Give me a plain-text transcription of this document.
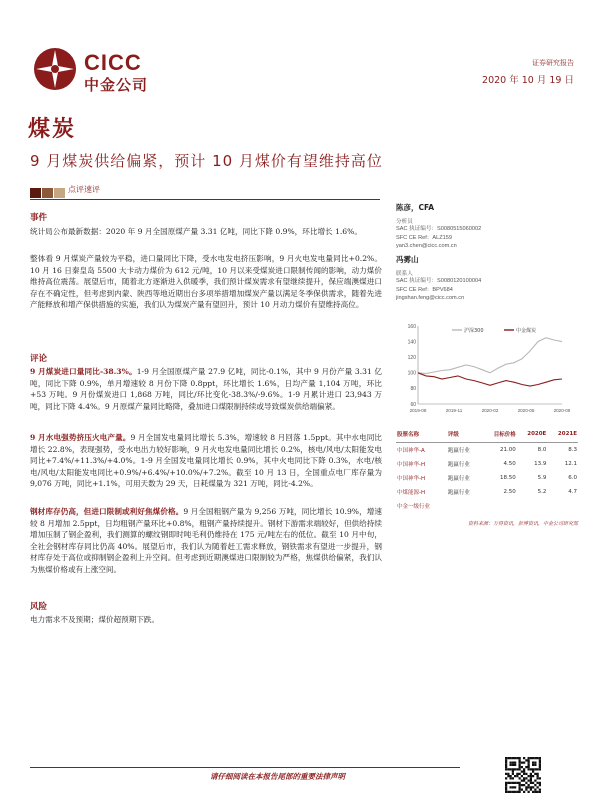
CICC
中金公司
证券研究报告
2020 年 10 月 19 日
煤炭
9 月煤炭供给偏紧，预计 10 月煤价有望维持高位
点评速评
事件
统计局公布最新数据：2020 年 9 月全国原煤产量 3.31 亿吨，同比下降 0.9%，环比增长 1.6%。
整体看 9 月煤炭产量较为平稳，进口量同比下降，受水电发电挤压影响，9 月火电发电量同比+0.2%。10 月 16 日秦皇岛 5500 大卡动力煤价为 612 元/吨，10 月以来受煤炭进口限制传闻的影响，动力煤价维持高位震荡。展望后市，随着北方逐渐进入供暖季，我们预计煤炭需求有望继续提升，保应端澳煤进口存在不确定性，但考虑到内蒙、陕西等地近期出台多项举措增加煤炭产量以满足冬季保供需求，随着先进产能释放和增产保供措施的实施，我们认为煤炭产量有望回升，预计 10 月动力煤价有望维持高位。
评论
9 月煤炭进口量同比-38.3%。1-9 月全国原煤产量 27.9 亿吨，同比-0.1%，其中 9 月份产量 3.31 亿吨，同比下降 0.9%，单月增速较 8 月份下降 0.8ppt，环比增长 1.6%，日均产量 1,104 万吨，环比+53 万吨。9 月份煤炭进口 1,868 万吨，同比/环比变化-38.3%/-9.6%。1-9 月累计进口 23,943 万吨，同比下降 4.4%。9 月原煤产量同比略降，叠加进口煤限制持续或导致煤炭供给端偏紧。
9 月水电强势挤压火电产量。9 月全国发电量同比增长 5.3%，增速较 8 月回落 1.5ppt。其中水电同比增长 22.8%，表现强势，受水电出力较好影响，9 月火电发电量同比增长 0.2%，核电/风电/太阳能发电同比+7.4%/+11.3%/+4.0%。1-9 月全国发电量同比增长 0.9%，其中火电同比下降 0.3%，水电/核电/风电/太阳能发电同比+0.9%/+6.4%/+10.0%/+7.2%。截至 10 月 13 日，全国重点电厂库存量为 9,076 万吨，同比+1.1%，可用天数为 29 天，日耗煤量为 321 万吨，同比-4.2%。
钢材库存仍高，但进口限制或利好焦煤价格。9 月全国粗钢产量为 9,256 万吨，同比增长 10.9%，增速较 8 月增加 2.5ppt，日均粗钢产量环比+0.8%，粗钢产量持续提升。钢材下游需求端较好，但供给持续增加压制了钢企盈利，我们测算的螺纹钢即时吨毛利仍维持在 175 元/吨左右的低位。截至 10 月中旬，全社会钢材库存同比仍高 40%。展望后市，我们认为随着赶工需求释放，钢铁需求有望进一步提升，钢材库存处于高位或抑制钢企盈利上升空间。但考虑到近期澳煤进口限制较为严格，焦煤供给偏紧，我们认为焦煤价格或有上涨空间。
风险
电力需求不及预期；煤价超预期下跌。
陈彦，CFA
分析员
SAC 执证编号：S0080515060002
SFC CE Ref：ALZ159
yan3.chen@cicc.com.cn
冯雾山
联系人
SAC 执证编号：S0080120100004
SFC CE Ref：BPV684
jingshan.feng@cicc.com.cn
60
80
100
120
140
160
2019-08	2019-11	2020-02	2020-05	2020-08
沪深300	中金煤炭
股票名称	评级	目标价格	2020E	2021E
中国神华-A	跑赢行业	21.00	8.0	8.3
中国神华-H	跑赢行业	4.50	13.9	12.1
中国神华-H	跑赢行业	18.50	5.9	6.0
中煤能源-H	跑赢行业	2.50	5.2	4.7
中金一级行业				
资料来源：万得资讯，彭博资讯，中金公司研究部
请仔细阅读在本报告尾部的重要法律声明
